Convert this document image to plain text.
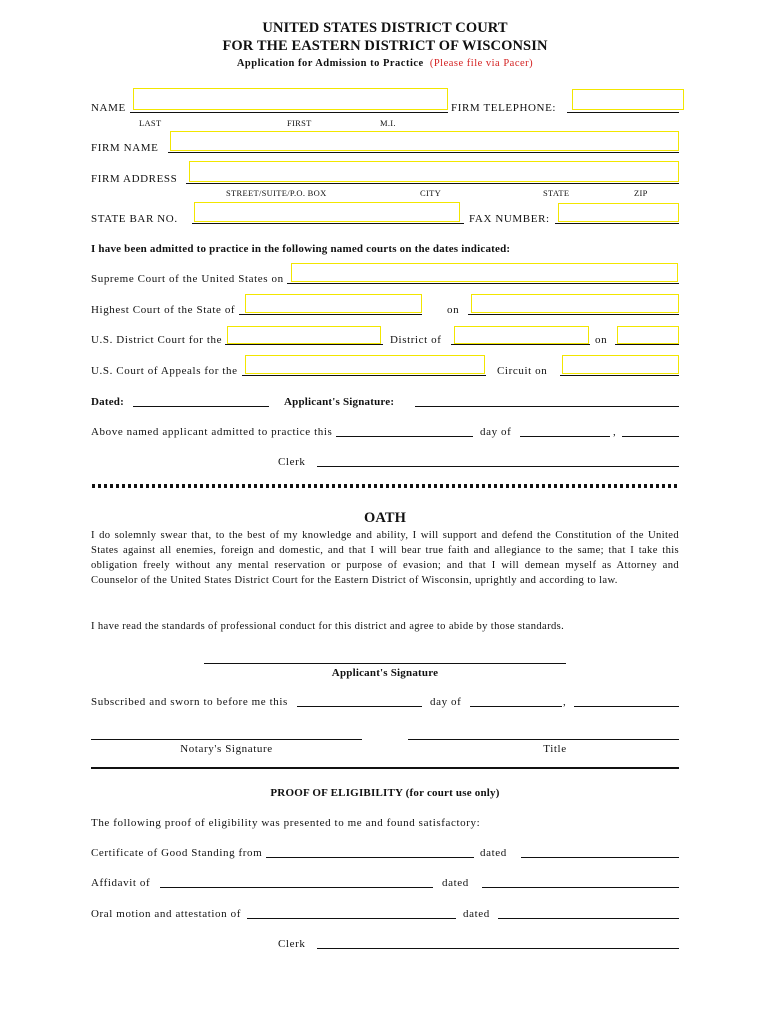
UNITED STATES DISTRICT COURT
FOR THE EASTERN DISTRICT OF WISCONSIN
Application for Admission to Practice (Please file via Pacer)
NAME	FIRM TELEPHONE:
LAST	FIRST	M.I.
FIRM NAME
FIRM ADDRESS
STREET/SUITE/P.O. BOX	CITY	STATE	ZIP
STATE BAR NO.	FAX NUMBER:
I have been admitted to practice in the following named courts on the dates indicated:
Supreme Court of the United States on
Highest Court of the State of	on
U.S. District Court for the	District of	on
U.S. Court of Appeals for the	Circuit on
Dated:	Applicant's Signature:
Above named applicant admitted to practice this	day of	,
Clerk
OATH
I do solemnly swear that, to the best of my knowledge and ability, I will support and defend the Constitution of the United States against all enemies, foreign and domestic, and that I will bear true faith and allegiance to the same; that I take this obligation freely without any mental reservation or purpose of evasion; and that I will demean myself as Attorney and Counselor of the United States District Court for the Eastern District of Wisconsin, uprightly and according to law.
I have read the standards of professional conduct for this district and agree to abide by those standards.
Applicant's Signature
Subscribed and sworn to before me this	day of	,
Notary's Signature	Title
PROOF OF ELIGIBILITY (for court use only)
The following proof of eligibility was presented to me and found satisfactory:
Certificate of Good Standing from	dated
Affidavit of	dated
Oral motion and attestation of	dated
Clerk
